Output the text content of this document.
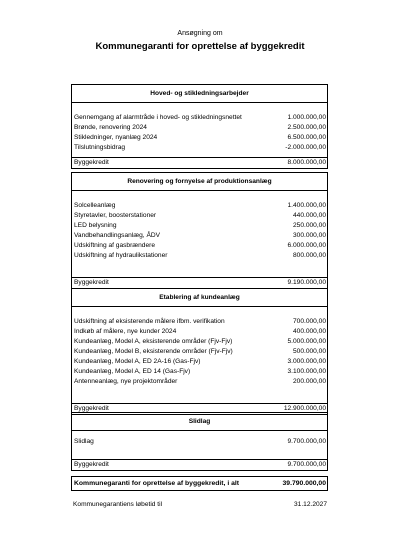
Ansøgning om
Kommunegaranti for oprettelse af byggekredit
Hoved- og stikledningsarbejder
Gennemgang af alarmtråde i hoved- og stikledningsnettet	1.000.000,00
Brønde, renovering 2024	2.500.000,00
Stikledninger, nyanlæg 2024	6.500.000,00
Tilslutningsbidrag	-2.000.000,00
Byggekredit	8.000.000,00
Renovering og fornyelse af produktionsanlæg
Solcelleanlæg	1.400.000,00
Styretavler, boosterstationer	440.000,00
LED belysning	250.000,00
Vandbehandlingsanlæg, ÅDV	300.000,00
Udskiftning af gasbrændere	6.000.000,00
Udskiftning af hydraulikstationer	800.000,00
Byggekredit	9.190.000,00
Etablering af kundeanlæg
Udskiftning af eksisterende målere ifbm. verifikation	700.000,00
Indkøb af målere, nye kunder 2024	400.000,00
Kundeanlæg, Model A, eksisterende områder (Fjv-Fjv)	5.000.000,00
Kundeanlæg, Model B, eksisterende områder (Fjv-Fjv)	500.000,00
Kundeanlæg, Model A, ED 2A-16 (Gas-Fjv)	3.000.000,00
Kundeanlæg, Model A, ED 14 (Gas-Fjv)	3.100.000,00
Antenneanlæg, nye projektområder	200.000,00
Byggekredit	12.900.000,00
Slidlag
Slidlag	9.700.000,00
Byggekredit	9.700.000,00
Kommunegaranti for oprettelse af byggekredit, i alt	39.790.000,00
Kommunegarantiens løbetid til	31.12.2027
